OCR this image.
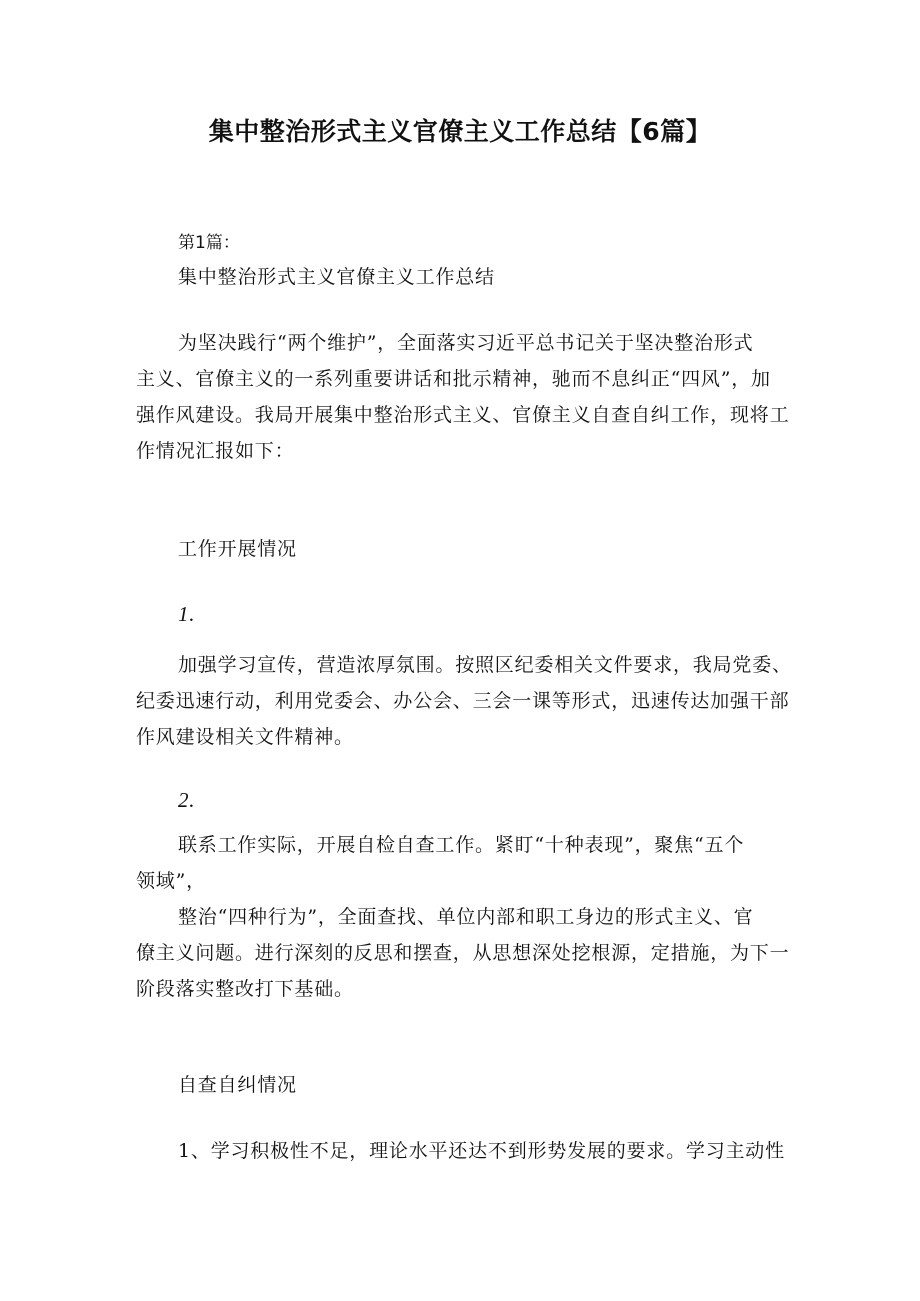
集中整治形式主义官僚主义工作总结【6篇】
第1篇：
集中整治形式主义官僚主义工作总结
为坚决践行“两个维护”，全面落实习近平总书记关于坚决整治形式
主义、官僚主义的一系列重要讲话和批示精神，驰而不息纠正“四风”，加
强作风建设。我局开展集中整治形式主义、官僚主义自查自纠工作，现将工
作情况汇报如下：
工作开展情况
1.
加强学习宣传，营造浓厚氛围。按照区纪委相关文件要求，我局党委、
纪委迅速行动，利用党委会、办公会、三会一课等形式，迅速传达加强干部
作风建设相关文件精神。
2.
联系工作实际，开展自检自查工作。紧盯“十种表现”，聚焦“五个
领域”，
整治“四种行为”，全面查找、单位内部和职工身边的形式主义、官
僚主义问题。进行深刻的反思和摆查，从思想深处挖根源，定措施，为下一
阶段落实整改打下基础。
自查自纠情况
1、学习积极性不足，理论水平还达不到形势发展的要求。学习主动性
